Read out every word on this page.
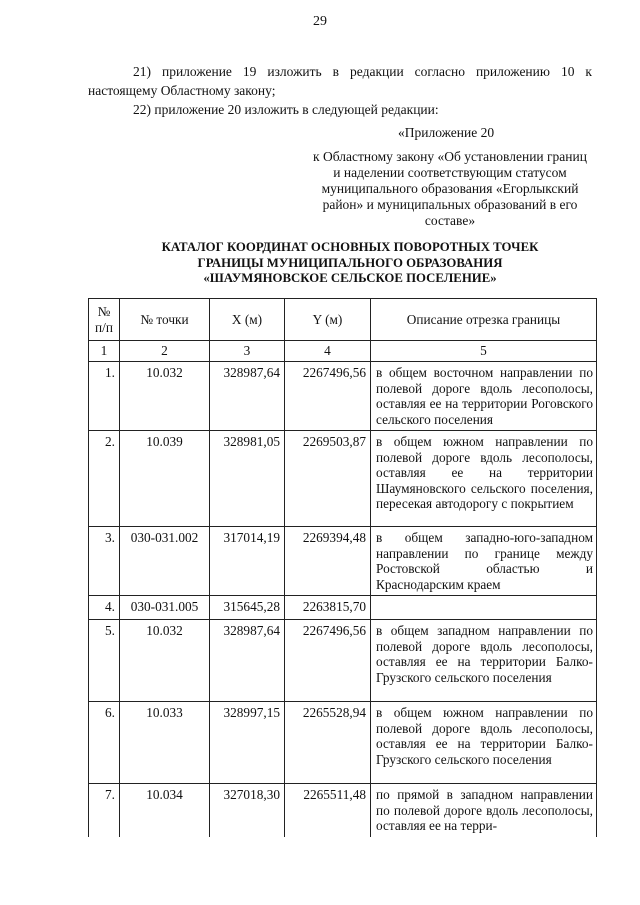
29
21) приложение 19 изложить в редакции согласно приложению 10 к настоящему Областному закону;
22) приложение 20 изложить в следующей редакции:
«Приложение 20
к Областному закону «Об установлении границ и наделении соответствующим статусом муниципального образования «Егорлыкский район» и муниципальных образований в его составе»
КАТАЛОГ КООРДИНАТ ОСНОВНЫХ ПОВОРОТНЫХ ТОЧЕК
ГРАНИЦЫ МУНИЦИПАЛЬНОГО ОБРАЗОВАНИЯ
«ШАУМЯНОВСКОЕ СЕЛЬСКОЕ ПОСЕЛЕНИЕ»
№ п/п	№ точки	X (м)	Y (м)	Описание отрезка границы
1	2	3	4	5
1.	10.032	328987,64	2267496,56	в общем восточном направлении по полевой дороге вдоль лесополосы, оставляя ее на территории Роговского сельского поселения
2.	10.039	328981,05	2269503,87	в общем южном направлении по полевой дороге вдоль лесополосы, оставляя ее на территории Шаумяновского сельского поселения, пересекая автодорогу с покрытием
3.	030-031.002	317014,19	2269394,48	в общем западно-юго-западном направлении по границе между Ростовской областью и Краснодарским краем
4.	030-031.005	315645,28	2263815,70	
5.	10.032	328987,64	2267496,56	в общем западном направлении по полевой дороге вдоль лесополосы, оставляя ее на территории Балко-Грузского сельского поселения
6.	10.033	328997,15	2265528,94	в общем южном направлении по полевой дороге вдоль лесополосы, оставляя ее на территории Балко-Грузского сельского поселения
7.	10.034	327018,30	2265511,48	по прямой в западном направлении по полевой дороге вдоль лесополосы, оставляя ее на терри-
